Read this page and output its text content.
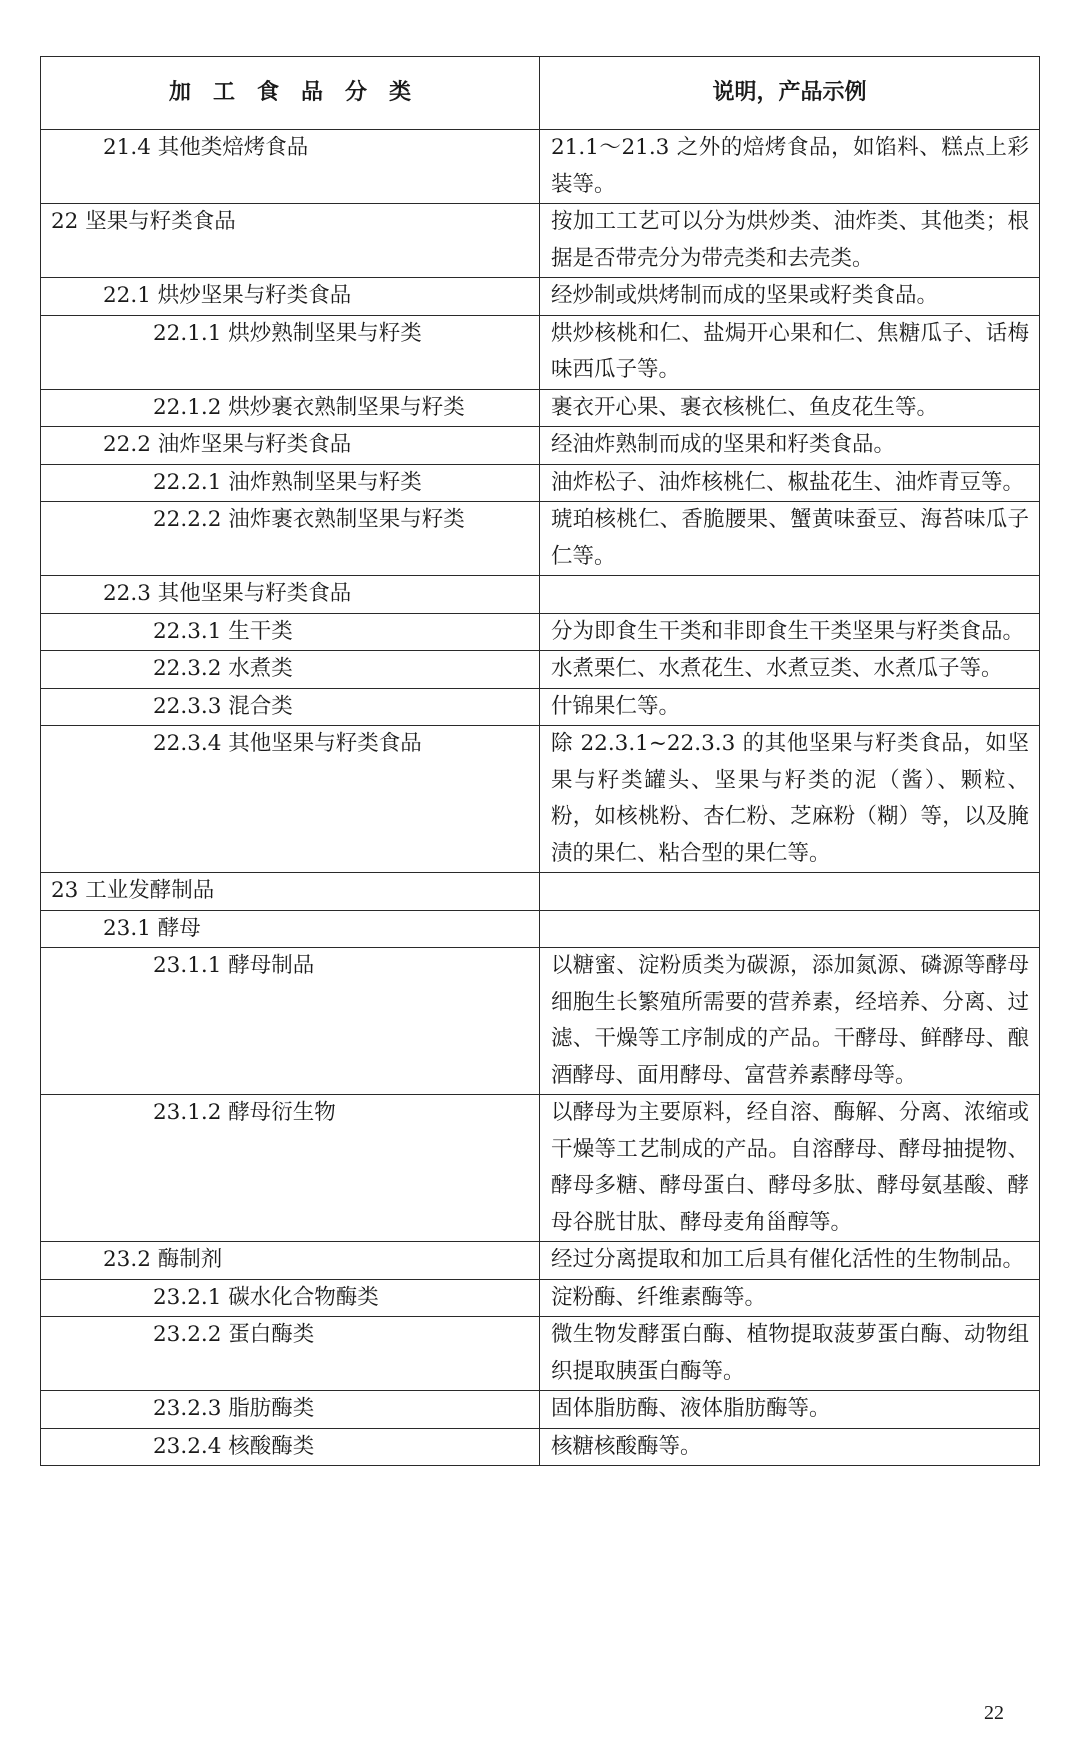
加工食品分类	说明，产品示例
21.4 其他类焙烤食品	21.1～21.3 之外的焙烤食品，如馅料、糕点上彩装等。
22 坚果与籽类食品	按加工工艺可以分为烘炒类、油炸类、其他类；根据是否带壳分为带壳类和去壳类。
22.1 烘炒坚果与籽类食品	经炒制或烘烤制而成的坚果或籽类食品。
22.1.1 烘炒熟制坚果与籽类	烘炒核桃和仁、盐焗开心果和仁、焦糖瓜子、话梅味西瓜子等。
22.1.2 烘炒裹衣熟制坚果与籽类	裹衣开心果、裹衣核桃仁、鱼皮花生等。
22.2 油炸坚果与籽类食品	经油炸熟制而成的坚果和籽类食品。
22.2.1 油炸熟制坚果与籽类	油炸松子、油炸核桃仁、椒盐花生、油炸青豆等。
22.2.2 油炸裹衣熟制坚果与籽类	琥珀核桃仁、香脆腰果、蟹黄味蚕豆、海苔味瓜子仁等。
22.3 其他坚果与籽类食品	
22.3.1 生干类	分为即食生干类和非即食生干类坚果与籽类食品。
22.3.2 水煮类	水煮栗仁、水煮花生、水煮豆类、水煮瓜子等。
22.3.3 混合类	什锦果仁等。
22.3.4 其他坚果与籽类食品	除 22.3.1~22.3.3 的其他坚果与籽类食品，如坚果与籽类罐头、坚果与籽类的泥（酱）、颗粒、粉，如核桃粉、杏仁粉、芝麻粉（糊）等，以及腌渍的果仁、粘合型的果仁等。
23 工业发酵制品	
23.1 酵母	
23.1.1 酵母制品	以糖蜜、淀粉质类为碳源，添加氮源、磷源等酵母细胞生长繁殖所需要的营养素，经培养、分离、过滤、干燥等工序制成的产品。干酵母、鲜酵母、酿酒酵母、面用酵母、富营养素酵母等。
23.1.2 酵母衍生物	以酵母为主要原料，经自溶、酶解、分离、浓缩或干燥等工艺制成的产品。自溶酵母、酵母抽提物、酵母多糖、酵母蛋白、酵母多肽、酵母氨基酸、酵母谷胱甘肽、酵母麦角甾醇等。
23.2 酶制剂	经过分离提取和加工后具有催化活性的生物制品。
23.2.1 碳水化合物酶类	淀粉酶、纤维素酶等。
23.2.2 蛋白酶类	微生物发酵蛋白酶、植物提取菠萝蛋白酶、动物组织提取胰蛋白酶等。
23.2.3 脂肪酶类	固体脂肪酶、液体脂肪酶等。
23.2.4 核酸酶类	核糖核酸酶等。
22
